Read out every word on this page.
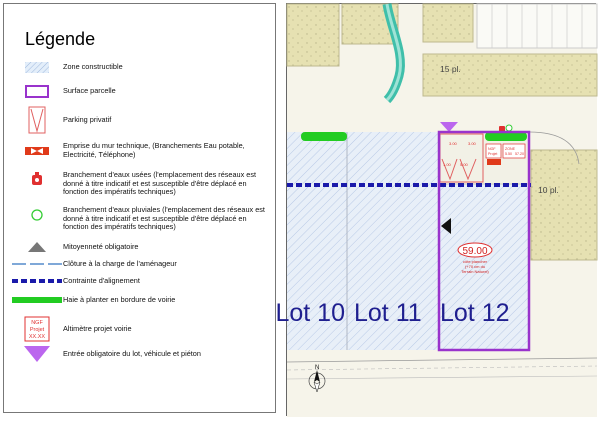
Légende
Zone constructible
Surface parcelle
Parking privatif
Emprise du mur technique, (Branchements Eau potable, Electricité, Téléphone)
Branchement d'eaux usées (l'emplacement des réseaux est donné à titre indicatif et est susceptible d'être déplacé en fonction des impératifs techniques)
Branchement d'eaux pluviales (l'emplacement des réseaux est donné à titre indicatif et est susceptible d'être déplacé en fonction des impératifs techniques)
Mitoyenneté obligatoire
Clôture à la charge de l'aménageur
Contrainte d'alignement
Haie à planter en bordure de voirie
NGF
Projet
XX.XX
Altimètre projet voirie
Entrée obligatoire du lot, véhicule et piéton
15 pl.
10 pl.
3.00	3.00
1.00 5.00
NGF
Projet
ZONE
5.50 57.20
59.00
côte plancher
(+70 cm du
Terrain Naturel)
Lot 10 Lot 11 Lot 12
N
